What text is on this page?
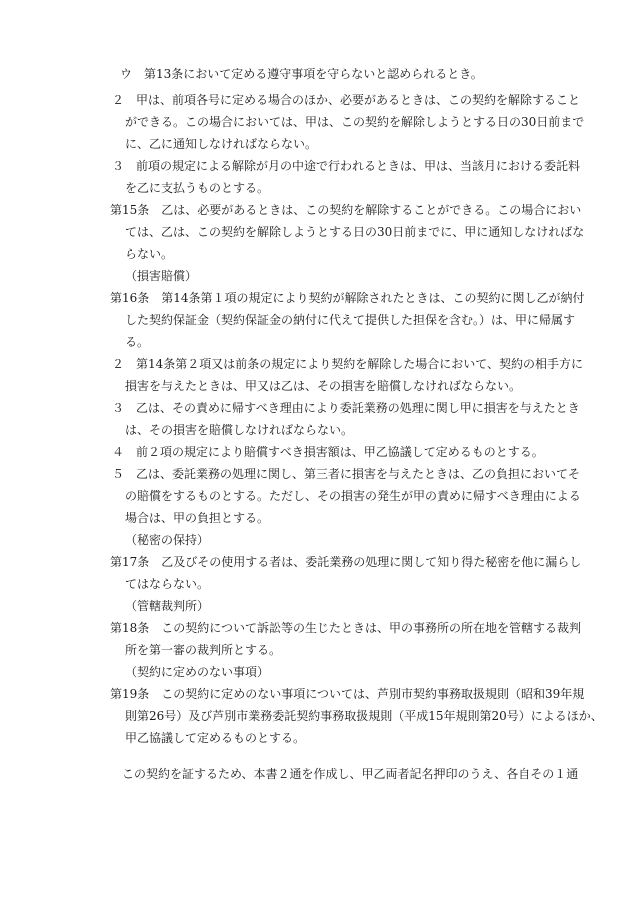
ウ　第13条において定める遵守事項を守らないと認められるとき。
２　甲は、前項各号に定める場合のほか、必要があるときは、この契約を解除すること
ができる。この場合においては、甲は、この契約を解除しようとする日の30日前まで
に、乙に通知しなければならない。
３　前項の規定による解除が月の中途で行われるときは、甲は、当該月における委託料
を乙に支払うものとする。
第15条　乙は、必要があるときは、この契約を解除することができる。この場合におい
ては、乙は、この契約を解除しようとする日の30日前までに、甲に通知しなければな
らない。
（損害賠償）
第16条　第14条第１項の規定により契約が解除されたときは、この契約に関し乙が納付
した契約保証金（契約保証金の納付に代えて提供した担保を含む。）は、甲に帰属す
る。
２　第14条第２項又は前条の規定により契約を解除した場合において、契約の相手方に
損害を与えたときは、甲又は乙は、その損害を賠償しなければならない。
３　乙は、その責めに帰すべき理由により委託業務の処理に関し甲に損害を与えたとき
は、その損害を賠償しなければならない。
４　前２項の規定により賠償すべき損害額は、甲乙協議して定めるものとする。
５　乙は、委託業務の処理に関し、第三者に損害を与えたときは、乙の負担においてそ
の賠償をするものとする。ただし、その損害の発生が甲の責めに帰すべき理由による
場合は、甲の負担とする。
（秘密の保持）
第17条　乙及びその使用する者は、委託業務の処理に関して知り得た秘密を他に漏らし
てはならない。
（管轄裁判所）
第18条　この契約について訴訟等の生じたときは、甲の事務所の所在地を管轄する裁判
所を第一審の裁判所とする。
（契約に定めのない事項）
第19条　この契約に定めのない事項については、芦別市契約事務取扱規則（昭和39年規
則第26号）及び芦別市業務委託契約事務取扱規則（平成15年規則第20号）によるほか、
甲乙協議して定めるものとする。
この契約を証するため、本書２通を作成し、甲乙両者記名押印のうえ、各自その１通
